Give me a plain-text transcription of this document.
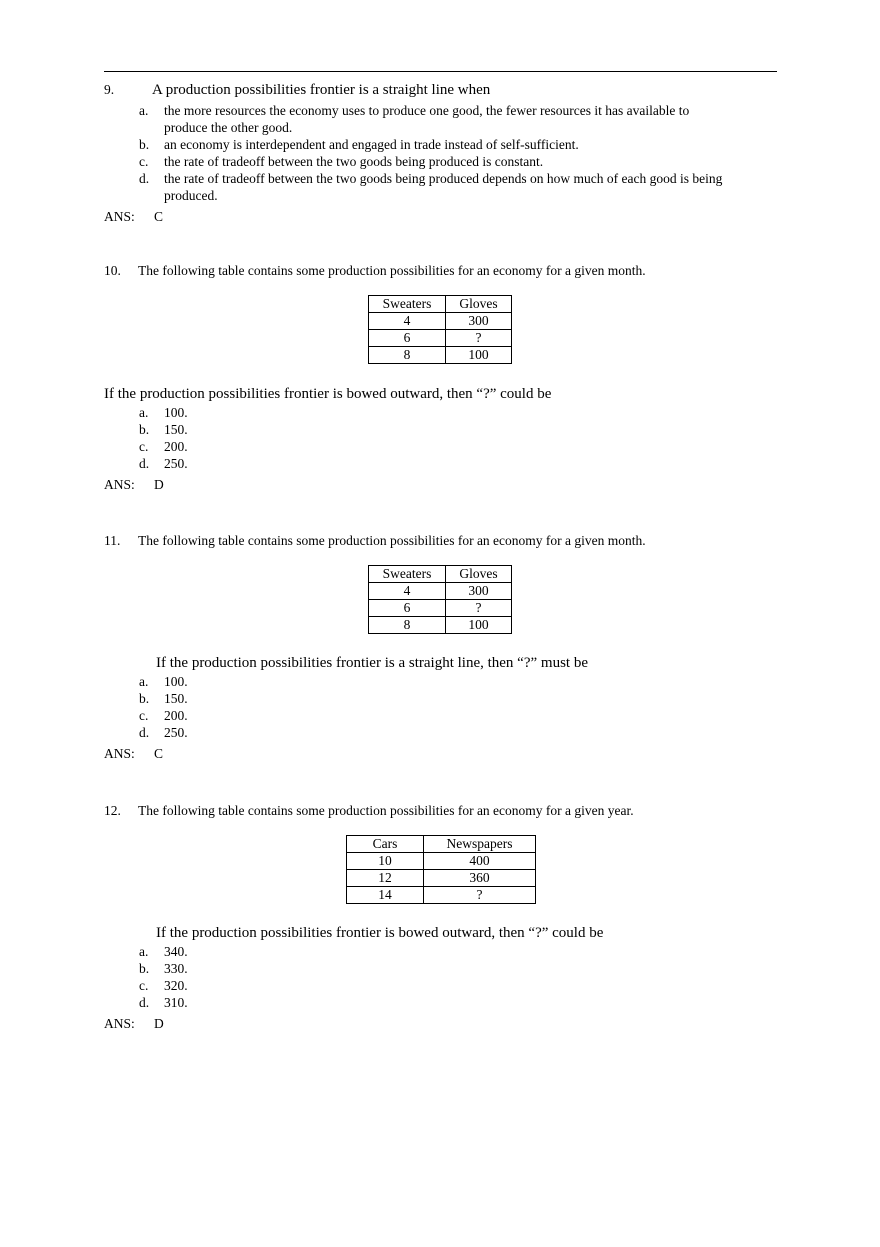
9.	A production possibilities frontier is a straight line when
a. the more resources the economy uses to produce one good, the fewer resources it has available to produce the other good.
b. an economy is interdependent and engaged in trade instead of self-sufficient.
c. the rate of tradeoff between the two goods being produced is constant.
d. the rate of tradeoff between the two goods being produced depends on how much of each good is being produced.
ANS: C
10. The following table contains some production possibilities for an economy for a given month.
Sweaters	Gloves
4	300
6	?
8	100
If the production possibilities frontier is bowed outward, then “?” could be
a. 100.
b. 150.
c. 200.
d. 250.
ANS: D
11. The following table contains some production possibilities for an economy for a given month.
Sweaters	Gloves
4	300
6	?
8	100
If the production possibilities frontier is a straight line, then “?” must be
a. 100.
b. 150.
c. 200.
d. 250.
ANS: C
12. The following table contains some production possibilities for an economy for a given year.
Cars	Newspapers
10	400
12	360
14	?
If the production possibilities frontier is bowed outward, then “?” could be
a. 340.
b. 330.
c. 320.
d. 310.
ANS: D
